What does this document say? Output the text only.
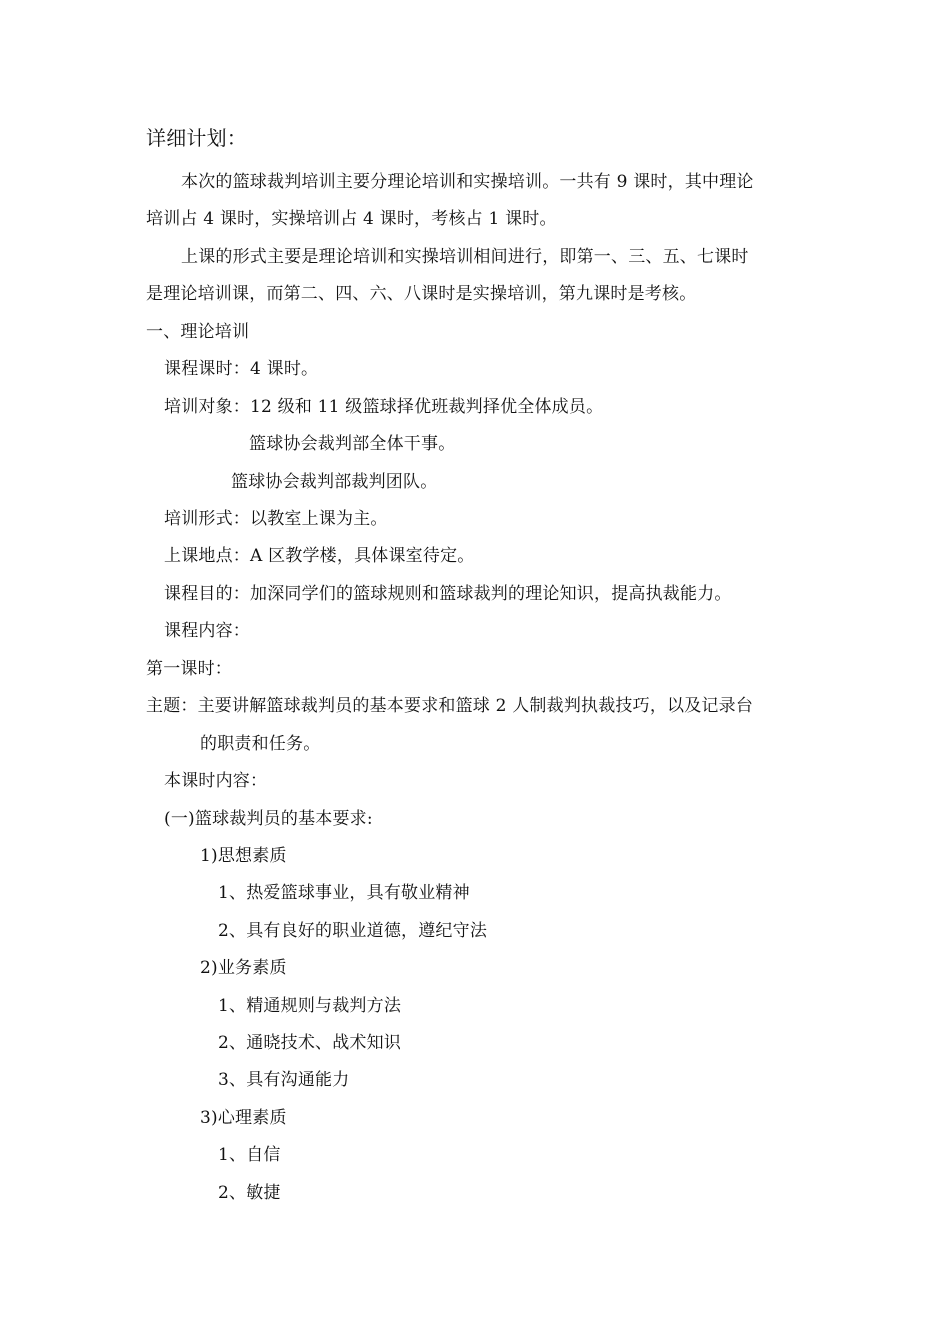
详细计划：
本次的篮球裁判培训主要分理论培训和实操培训。一共有 9 课时，其中理论
培训占 4 课时，实操培训占 4 课时，考核占 1 课时。
上课的形式主要是理论培训和实操培训相间进行，即第一、三、五、七课时
是理论培训课，而第二、四、六、八课时是实操培训，第九课时是考核。
一、理论培训
课程课时：4 课时。
培训对象：12 级和 11 级篮球择优班裁判择优全体成员。
篮球协会裁判部全体干事。
篮球协会裁判部裁判团队。
培训形式：以教室上课为主。
上课地点：A 区教学楼，具体课室待定。
课程目的：加深同学们的篮球规则和篮球裁判的理论知识，提高执裁能力。
课程内容：
第一课时：
主题：主要讲解篮球裁判员的基本要求和篮球 2 人制裁判执裁技巧，以及记录台
的职责和任务。
本课时内容：
(一)篮球裁判员的基本要求:
1)思想素质
1、热爱篮球事业，具有敬业精神
2、具有良好的职业道德，遵纪守法
2)业务素质
1、精通规则与裁判方法
2、通晓技术、战术知识
3、具有沟通能力
3)心理素质
1、自信
2、敏捷
